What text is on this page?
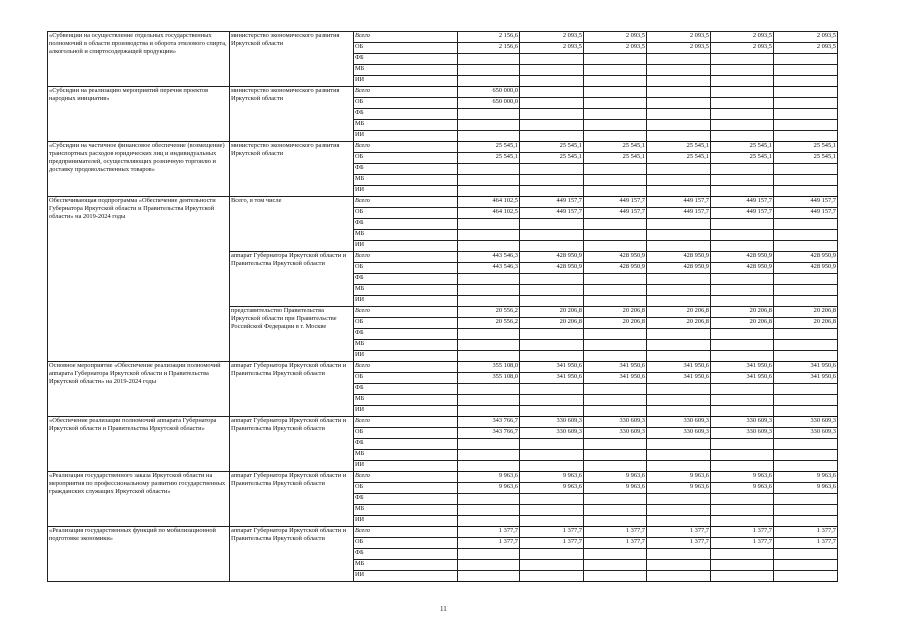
«Субвенции на осуществление отдельных государственных полномочий в области производства и оборота этилового спирта, алкогольной и спиртосодержащей продукции»	министерство экономического развития Иркутской области	Всего	2 156,6	2 093,5	2 093,5	2 093,5	2 093,5	2 093,5
		ОБ	2 156,6	2 093,5	2 093,5	2 093,5	2 093,5	2 093,5
		ФБ						
		МБ						
		ИИ						
«Субсидии на реализацию мероприятий перечня проектов народных инициатив»	министерство экономического развития Иркутской области	Всего	650 000,0					
		ОБ	650 000,0					
		ФБ						
		МБ						
		ИИ						
«Субсидии на частичное финансовое обеспечение (возмещение) транспортных расходов юридических лиц и индивидуальных предпринимателей, осуществляющих розничную торговлю и доставку продовольственных товаров»	министерство экономического развития Иркутской области	Всего	25 545,1	25 545,1	25 545,1	25 545,1	25 545,1	25 545,1
		ОБ	25 545,1	25 545,1	25 545,1	25 545,1	25 545,1	25 545,1
		ФБ						
		МБ						
		ИИ						
Обеспечивающая подпрограмма «Обеспечение деятельности Губернатора Иркутской области и Правительства Иркутской области» на 2019-2024 годы	Всего, в том числе	Всего	464 102,5	449 157,7	449 157,7	449 157,7	449 157,7	449 157,7
		ОБ	464 102,5	449 157,7	449 157,7	449 157,7	449 157,7	449 157,7
		ФБ						
		МБ						
		ИИ						
	аппарат Губернатора Иркутской области и Правительства Иркутской области	Всего	443 546,3	428 950,9	428 950,9	428 950,9	428 950,9	428 950,9
		ОБ	443 546,3	428 950,9	428 950,9	428 950,9	428 950,9	428 950,9
		ФБ						
		МБ						
		ИИ						
	представительство Правительства Иркутской области при Правительстве Российской Федерации в г. Москве	Всего	20 556,2	20 206,8	20 206,8	20 206,8	20 206,8	20 206,8
		ОБ	20 556,2	20 206,8	20 206,8	20 206,8	20 206,8	20 206,8
		ФБ						
		МБ						
		ИИ						
Основное мероприятие «Обеспечение реализации полномочий аппарата Губернатора Иркутской области и Правительства Иркутской области» на 2019-2024 годы	аппарат Губернатора Иркутской области и Правительства Иркутской области	Всего	355 108,0	341 950,6	341 950,6	341 950,6	341 950,6	341 950,6
		ОБ	355 108,0	341 950,6	341 950,6	341 950,6	341 950,6	341 950,6
		ФБ						
		МБ						
		ИИ						
«Обеспечение реализации полномочий аппарата Губернатора Иркутской области и Правительства Иркутской области»	аппарат Губернатора Иркутской области и Правительства Иркутской области	Всего	343 766,7	330 609,3	330 609,3	330 609,3	330 609,3	330 609,3
		ОБ	343 766,7	330 609,3	330 609,3	330 609,3	330 609,3	330 609,3
		ФБ						
		МБ						
		ИИ						
«Реализация государственного заказа Иркутской области на мероприятия по профессиональному развитию государственных гражданских служащих Иркутской области»	аппарат Губернатора Иркутской области и Правительства Иркутской области	Всего	9 963,6	9 963,6	9 963,6	9 963,6	9 963,6	9 963,6
		ОБ	9 963,6	9 963,6	9 963,6	9 963,6	9 963,6	9 963,6
		ФБ						
		МБ						
		ИИ						
«Реализация государственных функций по мобилизационной подготовке экономики»	аппарат Губернатора Иркутской области и Правительства Иркутской области	Всего	1 377,7	1 377,7	1 377,7	1 377,7	1 377,7	1 377,7
		ОБ	1 377,7	1 377,7	1 377,7	1 377,7	1 377,7	1 377,7
		ФБ						
		МБ						
		ИИ						
11
